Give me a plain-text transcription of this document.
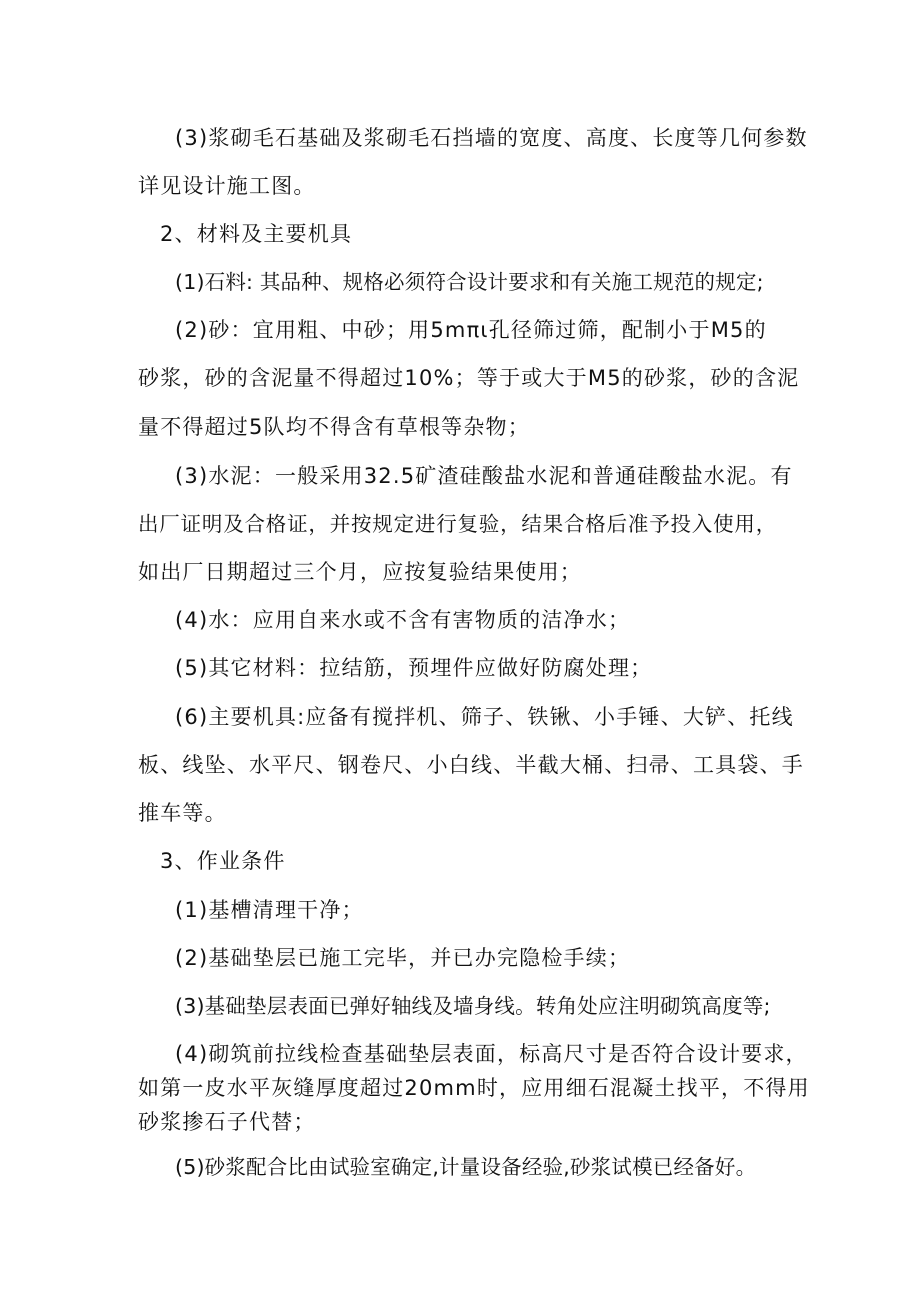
(3)浆砌毛石基础及浆砌毛石挡墙的宽度、高度、长度等几何参数
详见设计施工图。
2、材料及主要机具
(1)石料: 其品种、规格必须符合设计要求和有关施工规范的规定;
(2)砂：宜用粗、中砂；用5mπι孔径筛过筛，配制小于M5的
砂浆，砂的含泥量不得超过10%；等于或大于M5的砂浆，砂的含泥
量不得超过5队均不得含有草根等杂物；
(3)水泥：一般采用32.5矿渣硅酸盐水泥和普通硅酸盐水泥。有
出厂证明及合格证，并按规定进行复验，结果合格后准予投入使用，
如出厂日期超过三个月，应按复验结果使用；
(4)水：应用自来水或不含有害物质的洁净水；
(5)其它材料：拉结筋，预埋件应做好防腐处理；
(6)主要机具:应备有搅拌机、筛子、铁锹、小手锤、大铲、托线
板、线坠、水平尺、钢卷尺、小白线、半截大桶、扫帚、工具袋、手
推车等。
3、作业条件
(1)基槽清理干净；
(2)基础垫层已施工完毕，并已办完隐检手续；
(3)基础垫层表面已弹好轴线及墙身线。转角处应注明砌筑高度等;
(4)砌筑前拉线检查基础垫层表面，标高尺寸是否符合设计要求，
如第一皮水平灰缝厚度超过20mm时，应用细石混凝土找平，不得用
砂浆掺石子代替；
(5)砂浆配合比由试验室确定,计量设备经验,砂浆试模已经备好。
